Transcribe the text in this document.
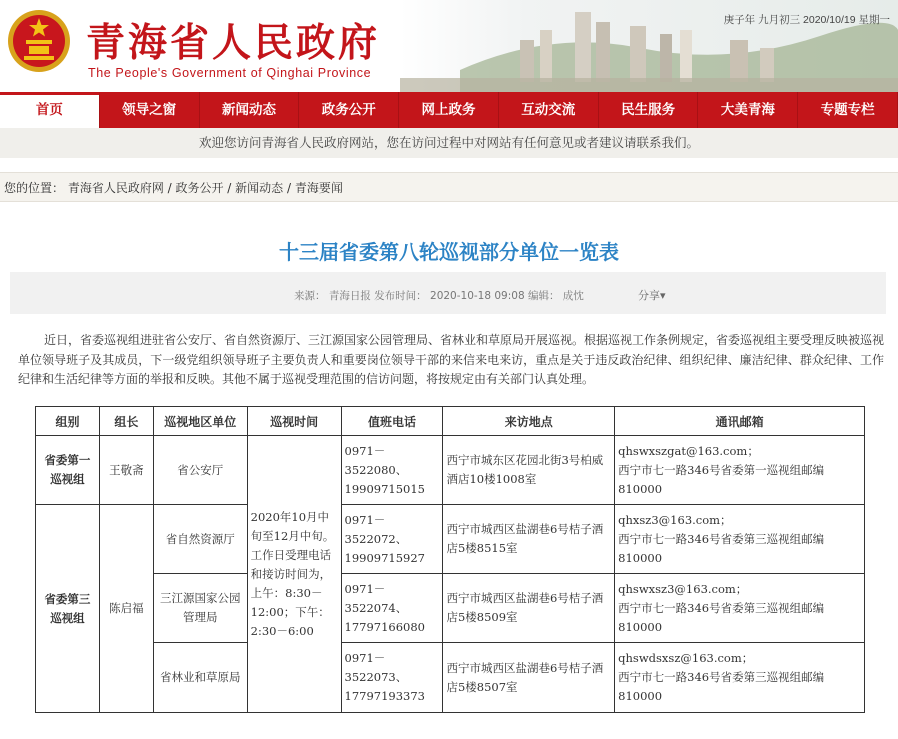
青海省人民政府
The People's Government of Qinghai Province
庚子年 九月初三 2020/10/19 星期一
首页	领导之窗	新闻动态	政务公开	网上政务	互动交流	民生服务	大美青海	专题专栏
欢迎您访问青海省人民政府网站，您在访问过程中对网站有任何意见或者建议请联系我们。
您的位置： 青海省人民政府网 / 政务公开 / 新闻动态 / 青海要闻
十三届省委第八轮巡视部分单位一览表
来源： 青海日报 发布时间： 2020-10-18 09:08 编辑： 成忱	分享▾
近日，省委巡视组进驻省公安厅、省自然资源厅、三江源国家公园管理局、省林业和草原局开展巡视。根据巡视工作条例规定，省委巡视组主要受理反映被巡视单位领导班子及其成员，下一级党组织领导班子主要负责人和重要岗位领导干部的来信来电来访，重点是关于违反政治纪律、组织纪律、廉洁纪律、群众纪律、工作纪律和生活纪律等方面的举报和反映。其他不属于巡视受理范围的信访问题，将按规定由有关部门认真处理。
组别	组长	巡视地区单位	巡视时间	值班电话	来访地点	通讯邮箱
省委第一巡视组	王敬斋	省公安厅	2020年10月中旬至12月中旬。工作日受理电话和接访时间为，上午：8:30－12:00；下午：2:30－6:00	0971－3522080、19909715015	西宁市城东区花园北街3号柏威酒店10楼1008室	qhswxszgat@163.com；
西宁市七一路346号省委第一巡视组邮编810000

省委第三巡视组	陈启福	省自然资源厅		0971－3522072、19909715927	西宁市城西区盐湖巷6号桔子酒店5楼8515室	qhxsz3@163.com；
西宁市七一路346号省委第三巡视组邮编810000

		三江源国家公园管理局		0971－3522074、17797166080	西宁市城西区盐湖巷6号桔子酒店5楼8509室	qhswxsz3@163.com；
西宁市七一路346号省委第三巡视组邮编810000

		省林业和草原局		0971－3522073、17797193373	西宁市城西区盐湖巷6号桔子酒店5楼8507室	qhswdsxsz@163.com；
西宁市七一路346号省委第三巡视组邮编810000
